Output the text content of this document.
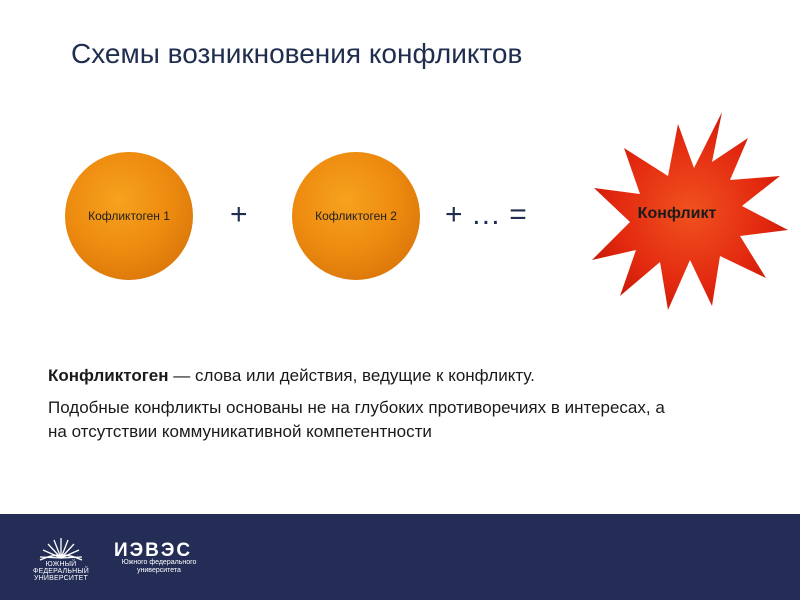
Схемы возникновения конфликтов
Кофликтоген 1 +	Кофликтоген 2 + … =	Конфликт

Конфликтоген — слова или действия, ведущие к конфликту.

Подобные конфликты основаны не на глубоких противоречиях в интересах, а на отсутствии коммуникативной компетентности

ЮЖНЫЙ
ФЕДЕРАЛЬНЫЙ
УНИВЕРСИТЕТ
ИЭВЭС
Южного федерального университета
